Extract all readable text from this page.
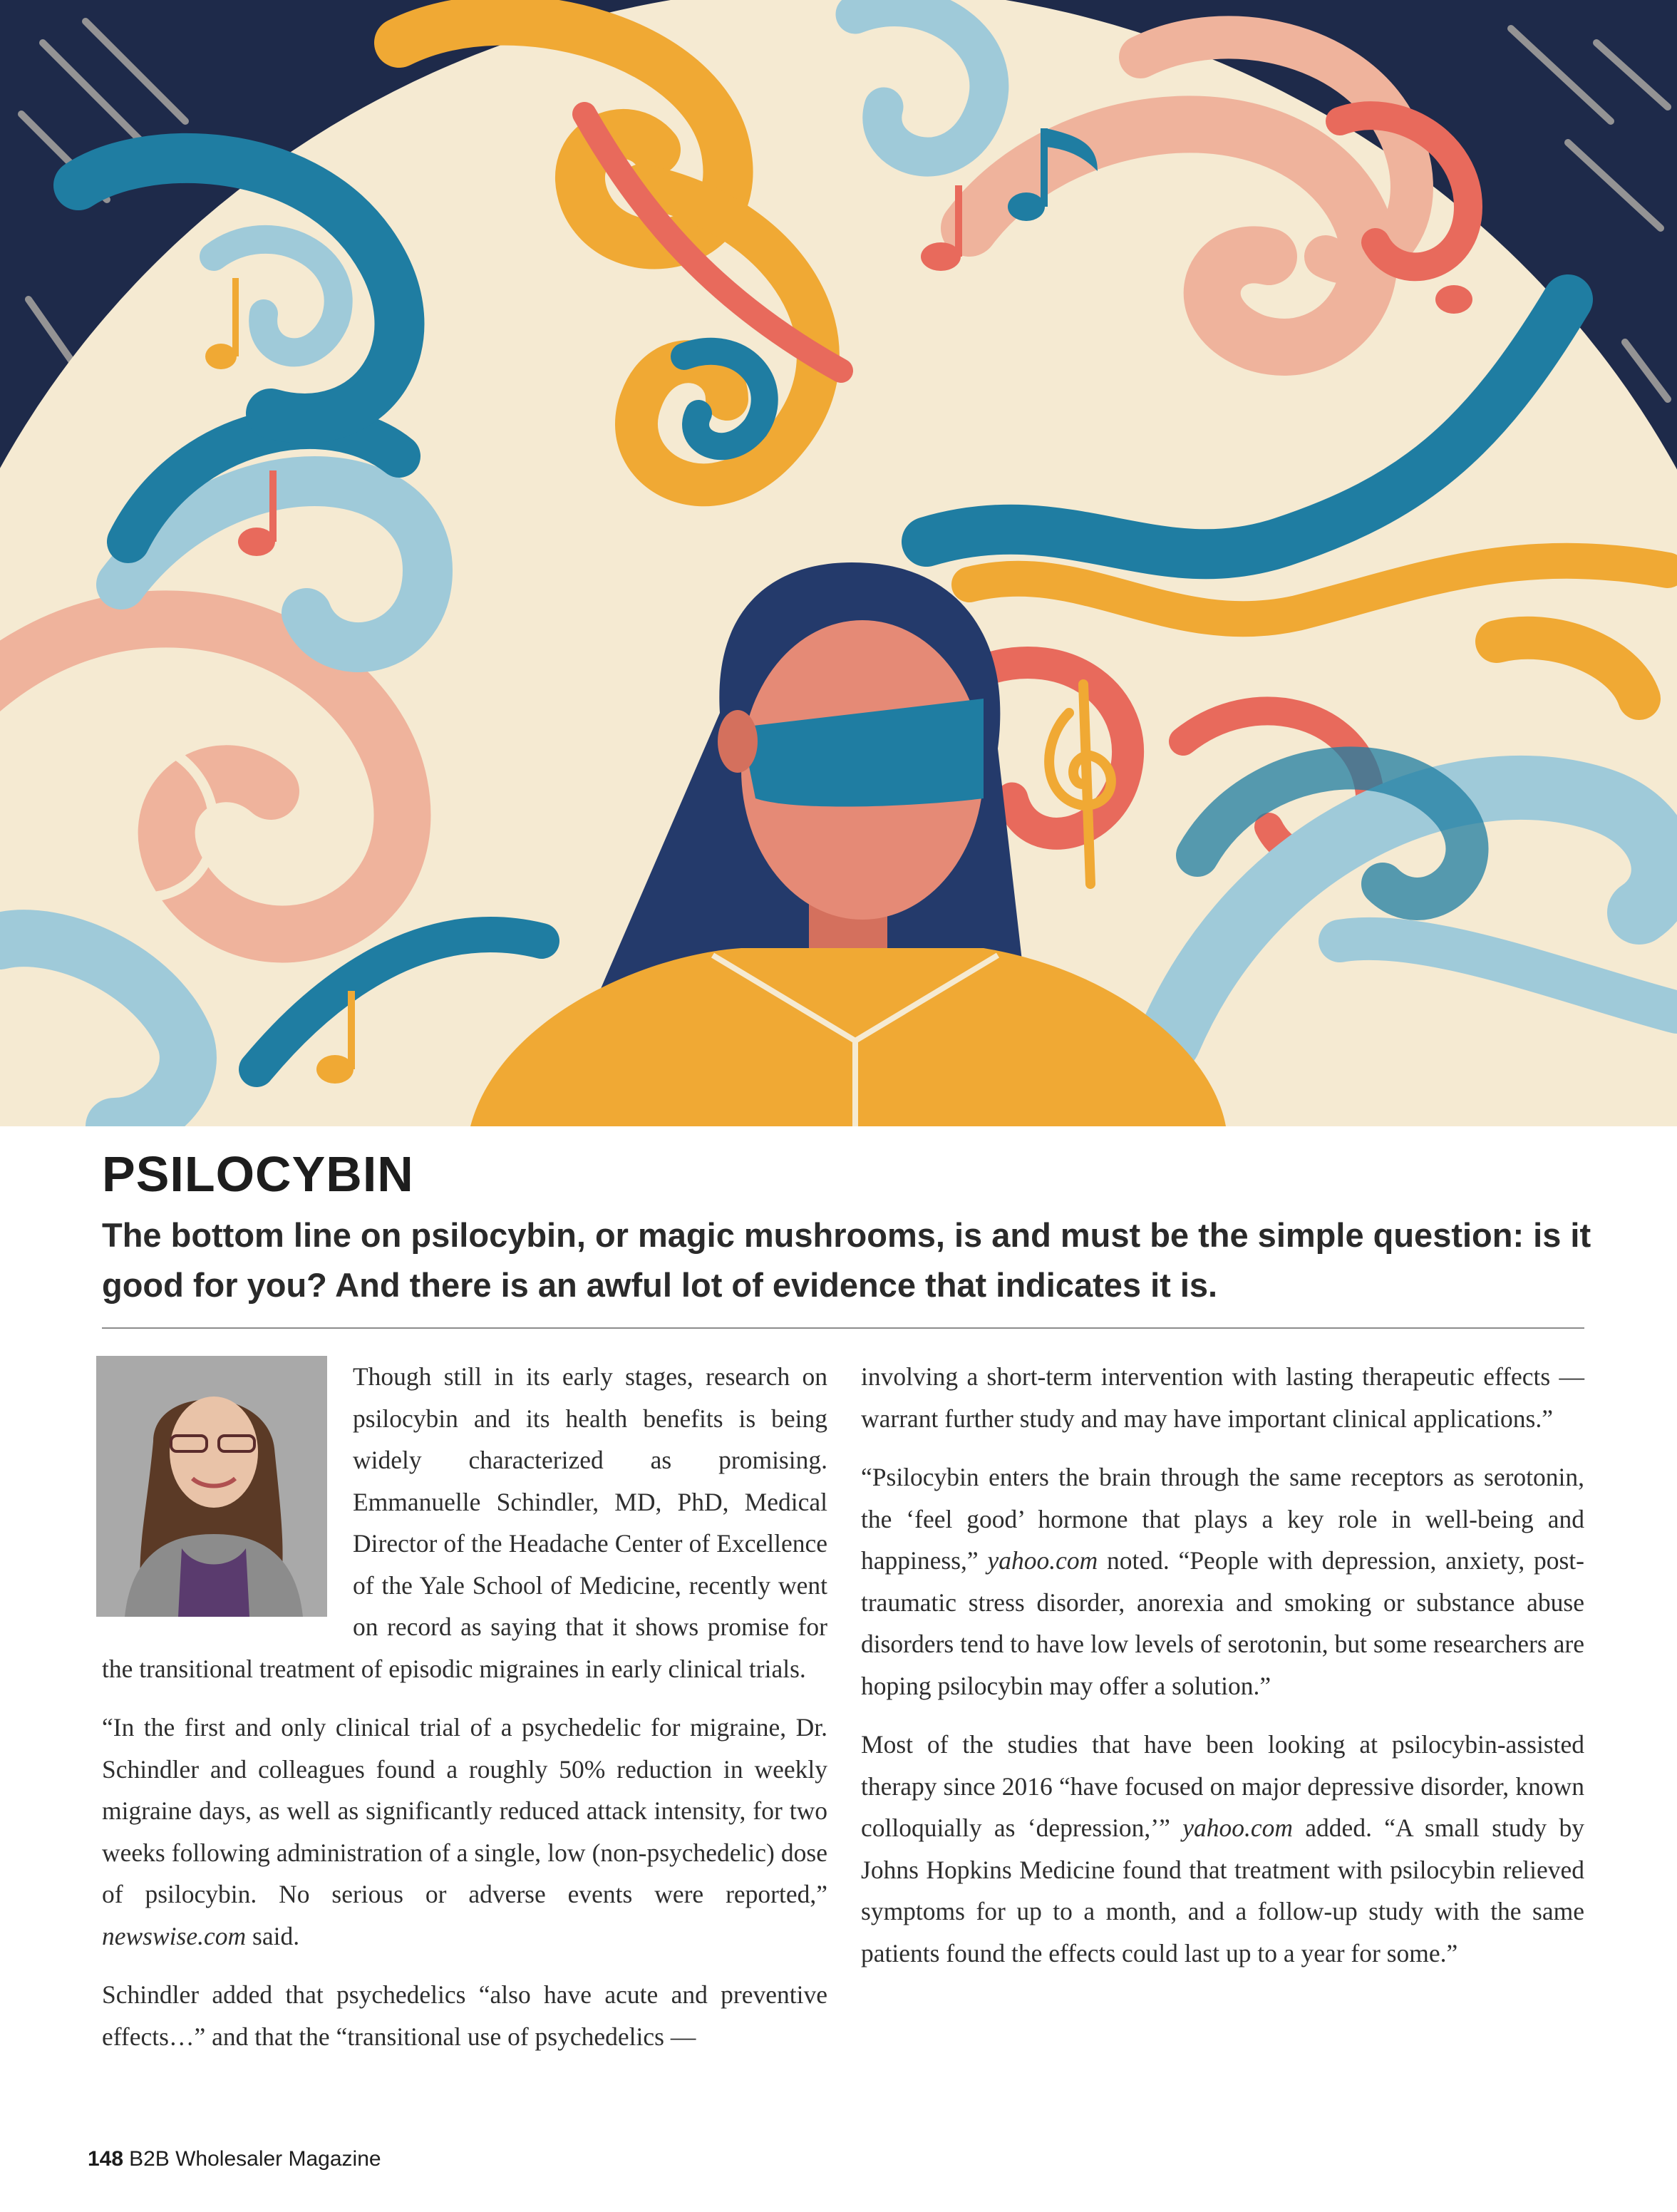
PSILOCYBIN
The bottom line on psilocybin, or magic mushrooms, is and must be the simple question: is it good for you? And there is an awful lot of evidence that indicates it is.

Though still in its early stages, research on psilocybin and its health benefits is being widely characterized as promising. Emmanuelle Schindler, MD, PhD, Medical Director of the Headache Center of Excellence of the Yale School of Medicine, recently went on record as saying that it shows promise for the transitional treatment of episodic migraines in early clinical trials.

“In the first and only clinical trial of a psychedelic for migraine, Dr. Schindler and colleagues found a roughly 50% reduction in weekly migraine days, as well as significantly reduced attack intensity, for two weeks following administration of a single, low (non-psychedelic) dose of psilocybin. No serious or adverse events were reported,” newswise.com said.

Schindler added that psychedelics “also have acute and preventive effects…” and that the “transitional use of psychedelics —

involving a short-term intervention with lasting therapeutic effects — warrant further study and may have important clinical applications.”

“Psilocybin enters the brain through the same receptors as serotonin, the ‘feel good’ hormone that plays a key role in well-being and happiness,” yahoo.com noted. “People with depression, anxiety, post-traumatic stress disorder, anorexia and smoking or substance abuse disorders tend to have low levels of serotonin, but some researchers are hoping psilocybin may offer a solution.”

Most of the studies that have been looking at psilocybin-assisted therapy since 2016 “have focused on major depressive disorder, known colloquially as ‘depression,’” yahoo.com added. “A small study by Johns Hopkins Medicine found that treatment with psilocybin relieved symptoms for up to a month, and a follow-up study with the same patients found the effects could last up to a year for some.”

148 B2B Wholesaler Magazine
